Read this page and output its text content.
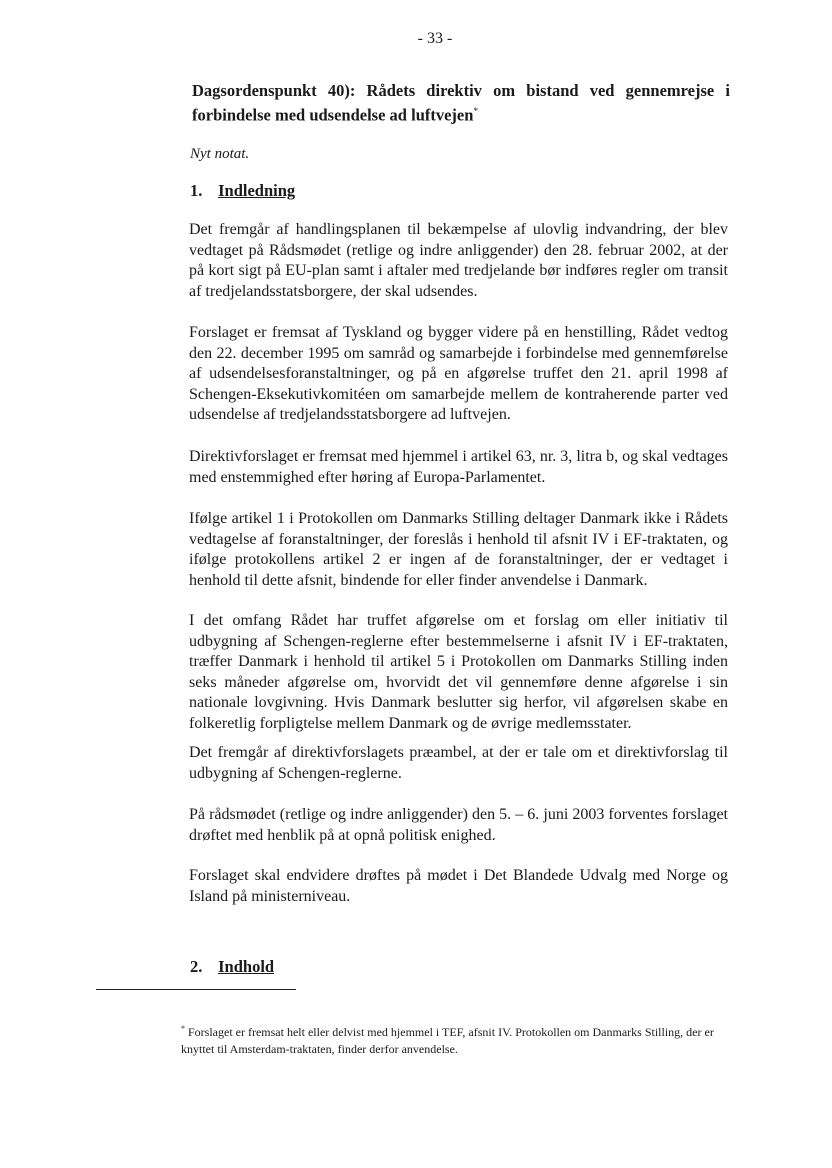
- 33 -
Dagsordenspunkt 40): Rådets direktiv om bistand ved gennemrejse i forbindelse med udsendelse ad luftvejen*
Nyt notat.
1. Indledning

Det fremgår af handlingsplanen til bekæmpelse af ulovlig indvandring, der blev vedtaget på Rådsmødet (retlige og indre anliggender) den 28. februar 2002, at der på kort sigt på EU-plan samt i aftaler med tredjelande bør indføres regler om transit af tredjelandsstatsborgere, der skal udsendes.

Forslaget er fremsat af Tyskland og bygger videre på en henstilling, Rådet vedtog den 22. december 1995 om samråd og samarbejde i forbindelse med gennemførelse af udsendelsesforanstaltninger, og på en afgørelse truffet den 21. april 1998 af Schengen-Eksekutivkomitéen om samarbejde mellem de kontraherende parter ved udsendelse af tredjelandsstatsborgere ad luftvejen.

Direktivforslaget er fremsat med hjemmel i artikel 63, nr. 3, litra b, og skal vedtages med enstemmighed efter høring af Europa-Parlamentet.

Ifølge artikel 1 i Protokollen om Danmarks Stilling deltager Danmark ikke i Rådets vedtagelse af foranstaltninger, der foreslås i henhold til afsnit IV i EF-traktaten, og ifølge protokollens artikel 2 er ingen af de foranstaltninger, der er vedtaget i henhold til dette afsnit, bindende for eller finder anvendelse i Danmark.

I det omfang Rådet har truffet afgørelse om et forslag om eller initiativ til udbygning af Schengen-reglerne efter bestemmelserne i afsnit IV i EF-traktaten, træffer Danmark i henhold til artikel 5 i Protokollen om Danmarks Stilling inden seks måneder afgørelse om, hvorvidt det vil gennemføre denne afgørelse i sin nationale lovgivning. Hvis Danmark beslutter sig herfor, vil afgørelsen skabe en folkeretlig forpligtelse mellem Danmark og de øvrige medlemsstater.

Det fremgår af direktivforslagets præambel, at der er tale om et direktivforslag til udbygning af Schengen-reglerne.

På rådsmødet (retlige og indre anliggender) den 5. – 6. juni 2003 forventes forslaget drøftet med henblik på at opnå politisk enighed.

Forslaget skal endvidere drøftes på mødet i Det Blandede Udvalg med Norge og Island på ministerniveau.

2. Indhold

* Forslaget er fremsat helt eller delvist med hjemmel i TEF, afsnit IV. Protokollen om Danmarks Stilling, der er knyttet til Amsterdam-traktaten, finder derfor anvendelse.
